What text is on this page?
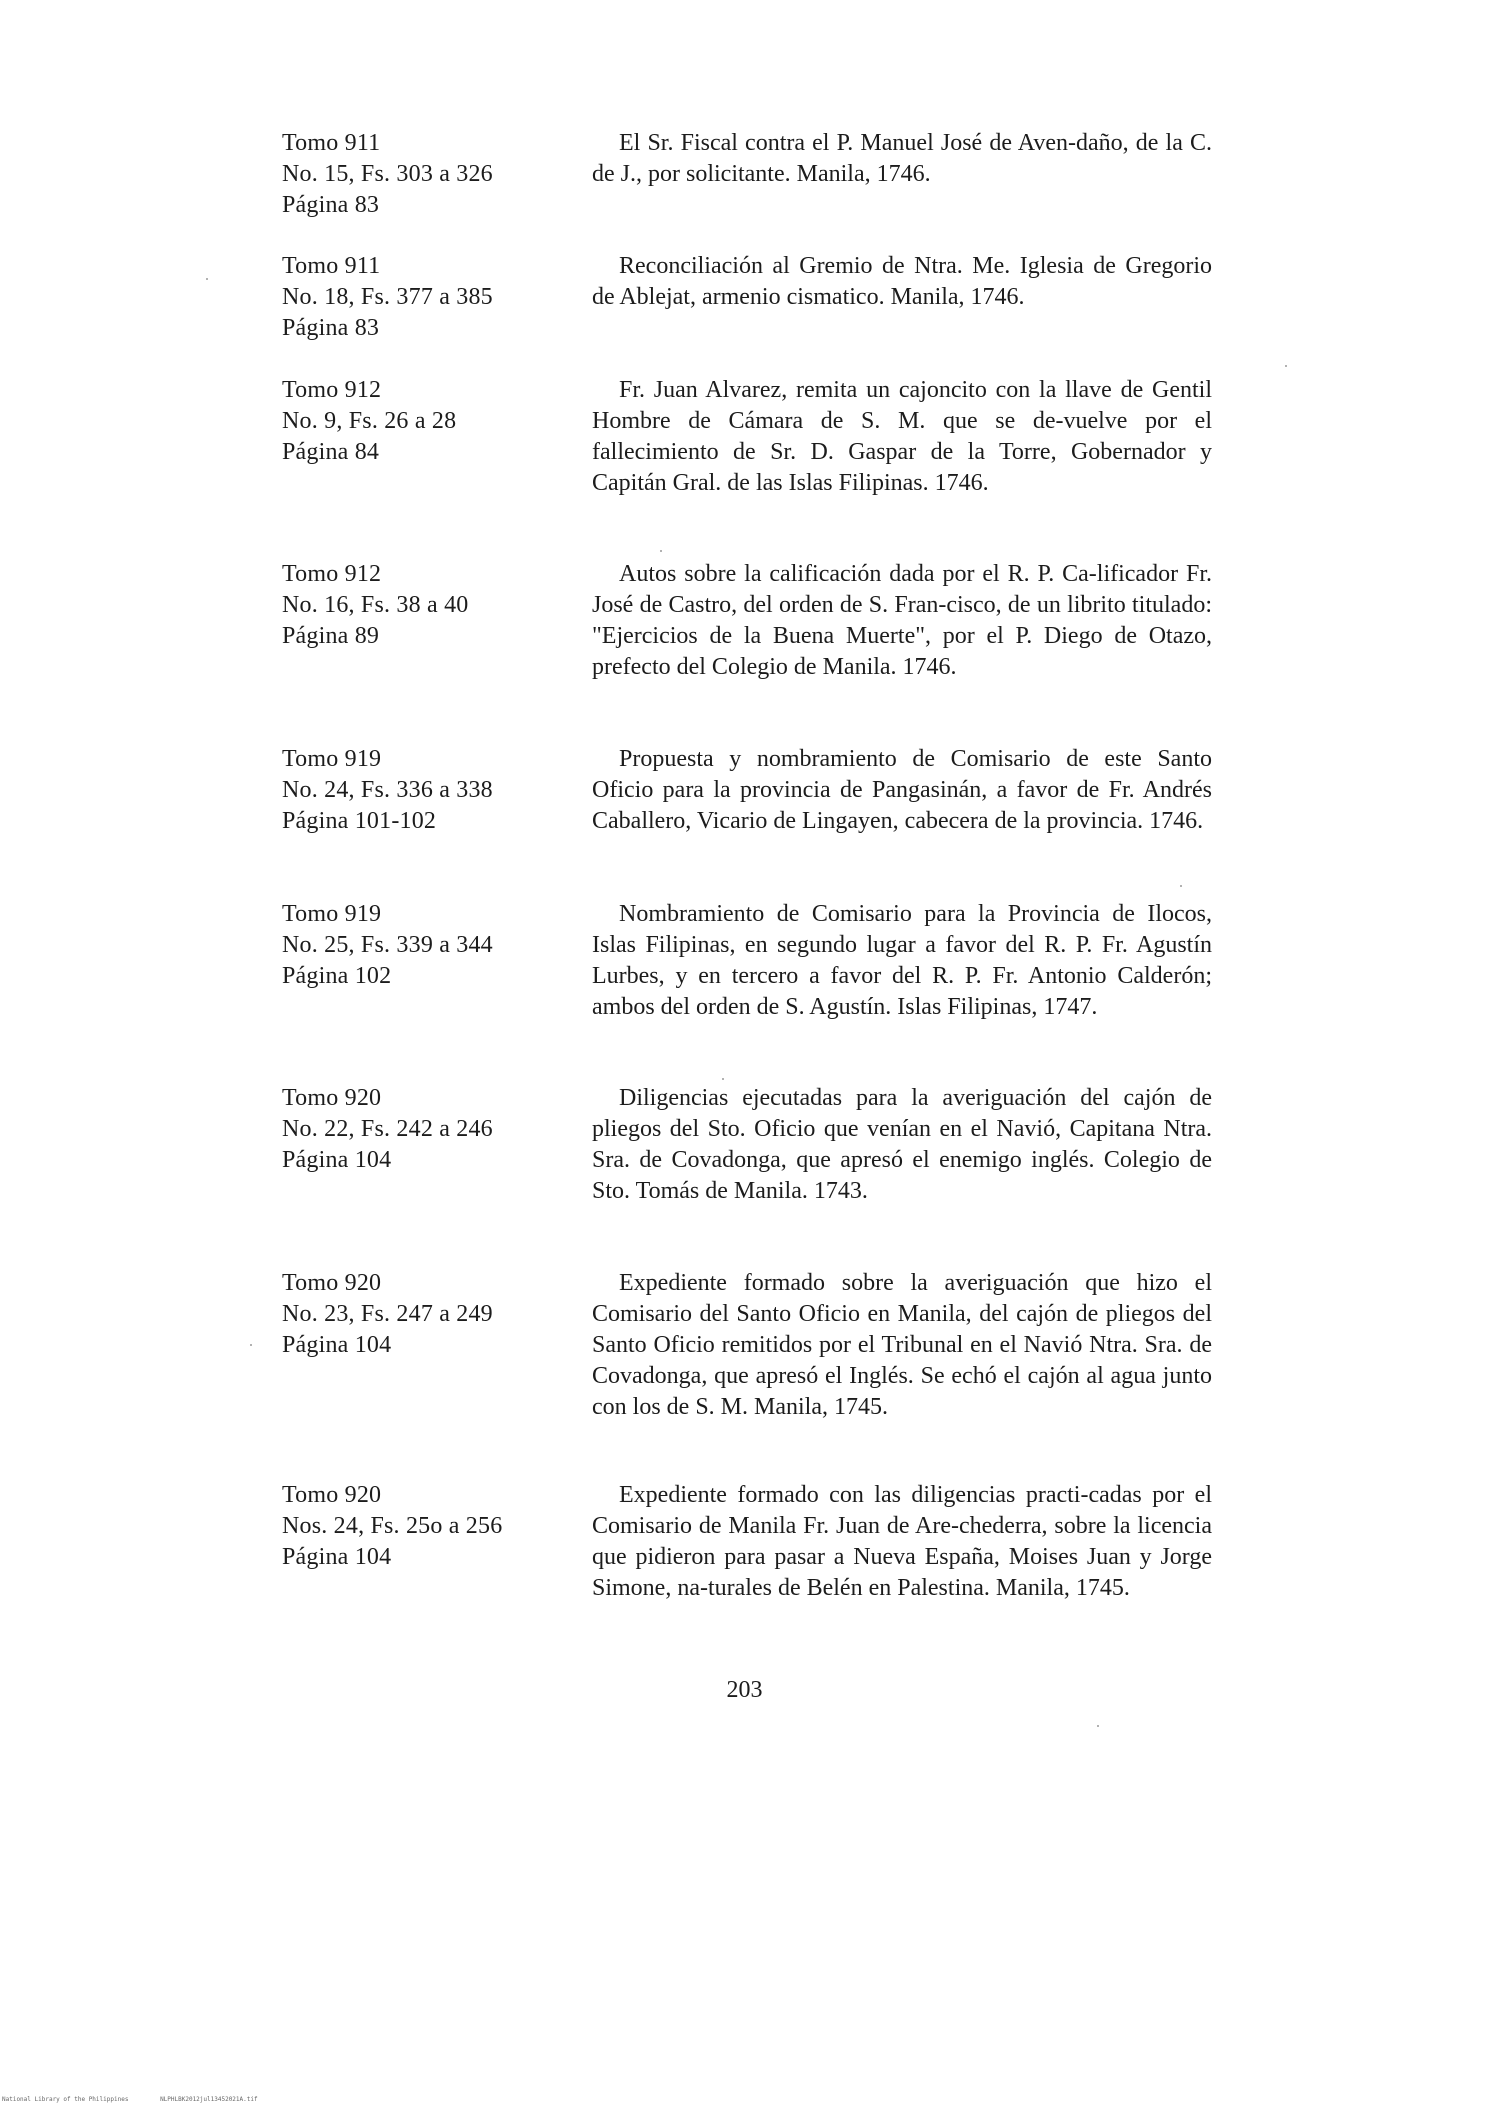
Tomo 911
No. 15, Fs. 303 a 326
Página 83
El Sr. Fiscal contra el P. Manuel José de Aven-daño, de la C. de J., por solicitante. Manila, 1746.
Tomo 911
No. 18, Fs. 377 a 385
Página 83
Reconciliación al Gremio de Ntra. Me. Iglesia de Gregorio de Ablejat, armenio cismatico. Manila, 1746.
Tomo 912
No. 9, Fs. 26 a 28
Página 84
Fr. Juan Alvarez, remita un cajoncito con la llave de Gentil Hombre de Cámara de S. M. que se de-vuelve por el fallecimiento de Sr. D. Gaspar de la Torre, Gobernador y Capitán Gral. de las Islas Filipinas. 1746.
Tomo 912
No. 16, Fs. 38 a 40
Página 89
Autos sobre la calificación dada por el R. P. Ca-lificador Fr. José de Castro, del orden de S. Fran-cisco, de un librito titulado: "Ejercicios de la Buena Muerte", por el P. Diego de Otazo, prefecto del Colegio de Manila. 1746.
Tomo 919
No. 24, Fs. 336 a 338
Página 101-102
Propuesta y nombramiento de Comisario de este Santo Oficio para la provincia de Pangasinán, a favor de Fr. Andrés Caballero, Vicario de Lingayen, cabecera de la provincia. 1746.
Tomo 919
No. 25, Fs. 339 a 344
Página 102
Nombramiento de Comisario para la Provincia de Ilocos, Islas Filipinas, en segundo lugar a favor del R. P. Fr. Agustín Lurbes, y en tercero a favor del R. P. Fr. Antonio Calderón; ambos del orden de S. Agustín. Islas Filipinas, 1747.
Tomo 920
No. 22, Fs. 242 a 246
Página 104
Diligencias ejecutadas para la averiguación del cajón de pliegos del Sto. Oficio que venían en el Navió, Capitana Ntra. Sra. de Covadonga, que apresó el enemigo inglés. Colegio de Sto. Tomás de Manila. 1743.
Tomo 920
No. 23, Fs. 247 a 249
Página 104
Expediente formado sobre la averiguación que hizo el Comisario del Santo Oficio en Manila, del cajón de pliegos del Santo Oficio remitidos por el Tribunal en el Navió Ntra. Sra. de Covadonga, que apresó el Inglés. Se echó el cajón al agua junto con los de S. M. Manila, 1745.
Tomo 920
Nos. 24, Fs. 25o a 256
Página 104
Expediente formado con las diligencias practi-cadas por el Comisario de Manila Fr. Juan de Are-chederra, sobre la licencia que pidieron para pasar a Nueva España, Moises Juan y Jorge Simone, na-turales de Belén en Palestina. Manila, 1745.
203
National Library of the Philippines	NLPHLBK2012jul13452021A.tif
